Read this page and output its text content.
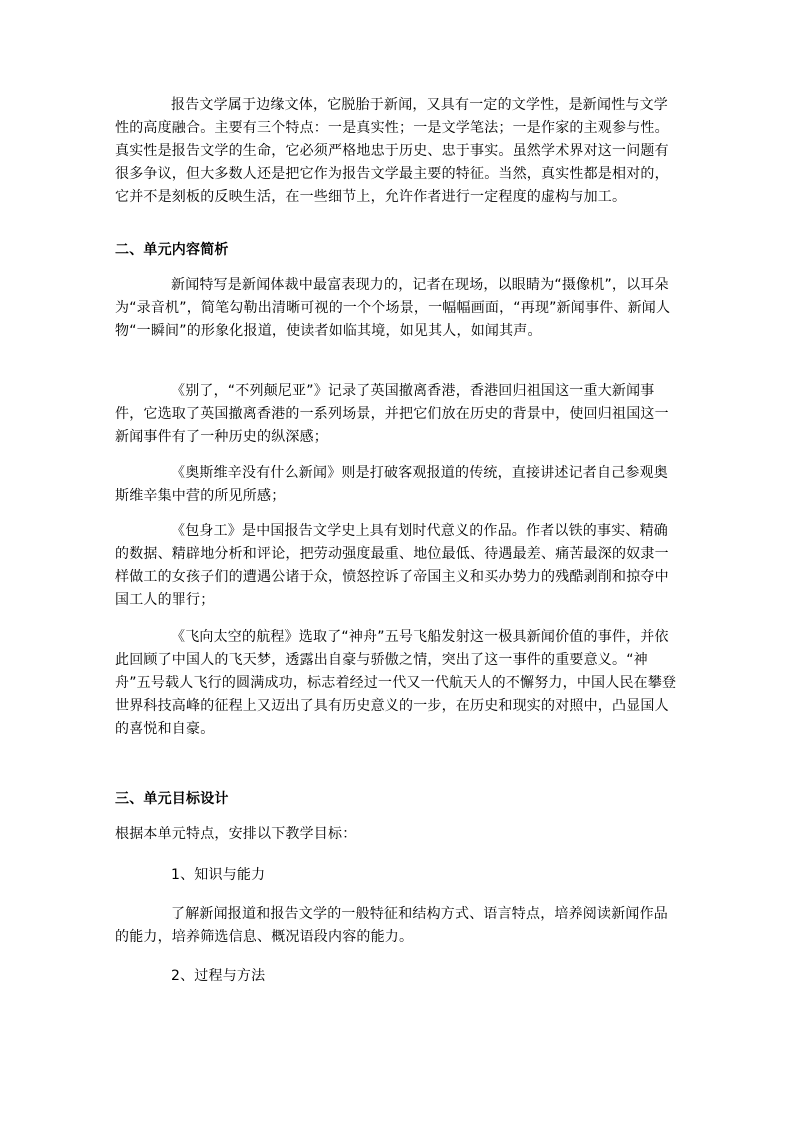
报告文学属于边缘文体，它脱胎于新闻，又具有一定的文学性，是新闻性与文学性的高度融合。主要有三个特点：一是真实性；一是文学笔法；一是作家的主观参与性。真实性是报告文学的生命，它必须严格地忠于历史、忠于事实。虽然学术界对这一问题有很多争议，但大多数人还是把它作为报告文学最主要的特征。当然，真实性都是相对的，它并不是刻板的反映生活，在一些细节上，允许作者进行一定程度的虚构与加工。

二、单元内容简析

新闻特写是新闻体裁中最富表现力的，记者在现场，以眼睛为“摄像机”，以耳朵为“录音机”，简笔勾勒出清晰可视的一个个场景，一幅幅画面，“再现”新闻事件、新闻人物“一瞬间”的形象化报道，使读者如临其境，如见其人，如闻其声。

《别了，“不列颠尼亚”》记录了英国撤离香港，香港回归祖国这一重大新闻事件，它选取了英国撤离香港的一系列场景，并把它们放在历史的背景中，使回归祖国这一新闻事件有了一种历史的纵深感；

《奥斯维辛没有什么新闻》则是打破客观报道的传统，直接讲述记者自己参观奥斯维辛集中营的所见所感；

《包身工》是中国报告文学史上具有划时代意义的作品。作者以铁的事实、精确的数据、精辟地分析和评论，把劳动强度最重、地位最低、待遇最差、痛苦最深的奴隶一样做工的女孩子们的遭遇公诸于众，愤怒控诉了帝国主义和买办势力的残酷剥削和掠夺中国工人的罪行；

《飞向太空的航程》选取了“神舟”五号飞船发射这一极具新闻价值的事件，并依此回顾了中国人的飞天梦，透露出自豪与骄傲之情，突出了这一事件的重要意义。“神舟”五号载人飞行的圆满成功，标志着经过一代又一代航天人的不懈努力，中国人民在攀登世界科技高峰的征程上又迈出了具有历史意义的一步，在历史和现实的对照中，凸显国人的喜悦和自豪。

三、单元目标设计

根据本单元特点，安排以下教学目标：

1、知识与能力

了解新闻报道和报告文学的一般特征和结构方式、语言特点，培养阅读新闻作品的能力，培养筛选信息、概况语段内容的能力。

2、过程与方法
